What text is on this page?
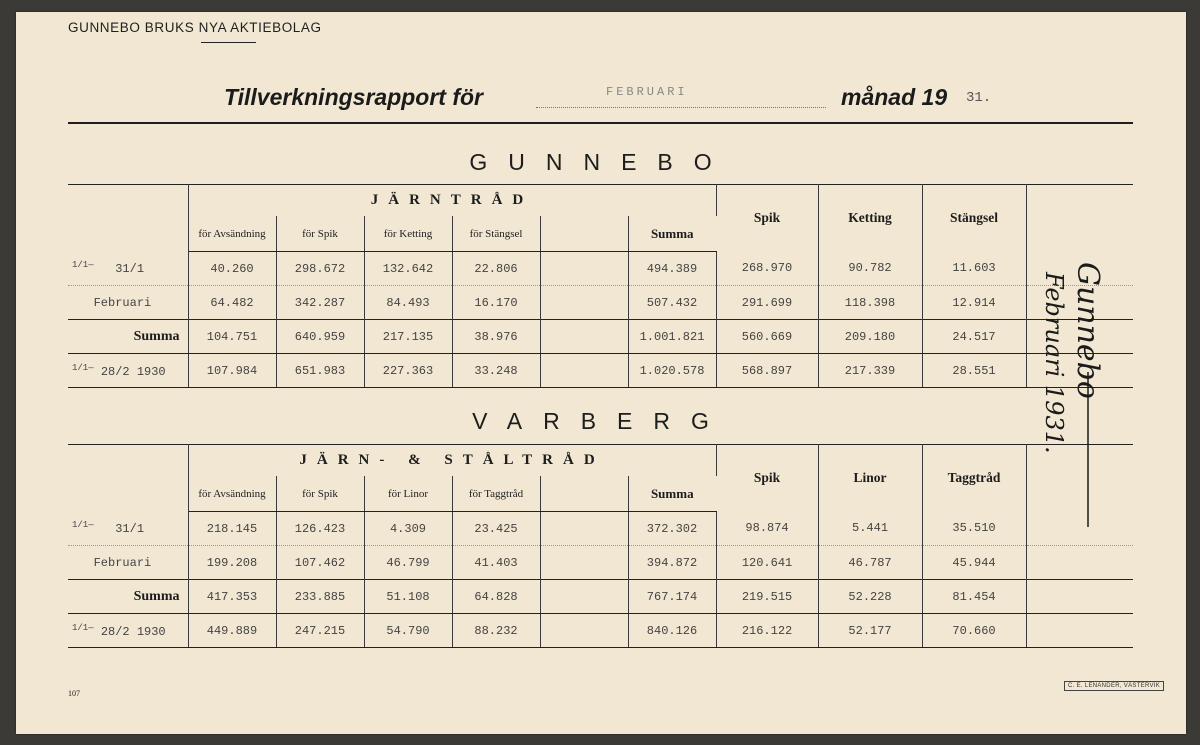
GUNNEBO BRUKS NYA AKTIEBOLAG
Tillverkningsrapport för	FEBRUARI	månad 19 31.
GUNNEBO
	JÄRNTRÅD						Spik	Ketting	Stängsel	
	för Avsändning	för Spik	för Ketting	för Stängsel		Summa				
$^{1/1—}$ 31/1	40.260	298.672	132.642	22.806		494.389	268.970	90.782	11.603	
Februari	64.482	342.287	84.493	16.170		507.432	291.699	118.398	12.914	
Summa	104.751	640.959	217.135	38.976		1.001.821	560.669	209.180	24.517	
$^{1/1—}$ 28/2 1930	107.984	651.983	227.363	33.248		1.020.578	568.897	217.339	28.551	
VARBERG
	JÄRN- & STÅLTRÅD						Spik	Linor	Taggtråd	
	för Avsändning	för Spik	för Linor	för Taggtråd		Summa				
$^{1/1—}$ 31/1	218.145	126.423	4.309	23.425		372.302	98.874	5.441	35.510	
Februari	199.208	107.462	46.799	41.403		394.872	120.641	46.787	45.944	
Summa	417.353	233.885	51.108	64.828		767.174	219.515	52.228	81.454	
$^{1/1—}$ 28/2 1930	449.889	247.215	54.790	88.232		840.126	216.122	52.177	70.660	
Gunnebo
Februari 1931.
107
C. E. LENANDER, VÄSTERVIK
